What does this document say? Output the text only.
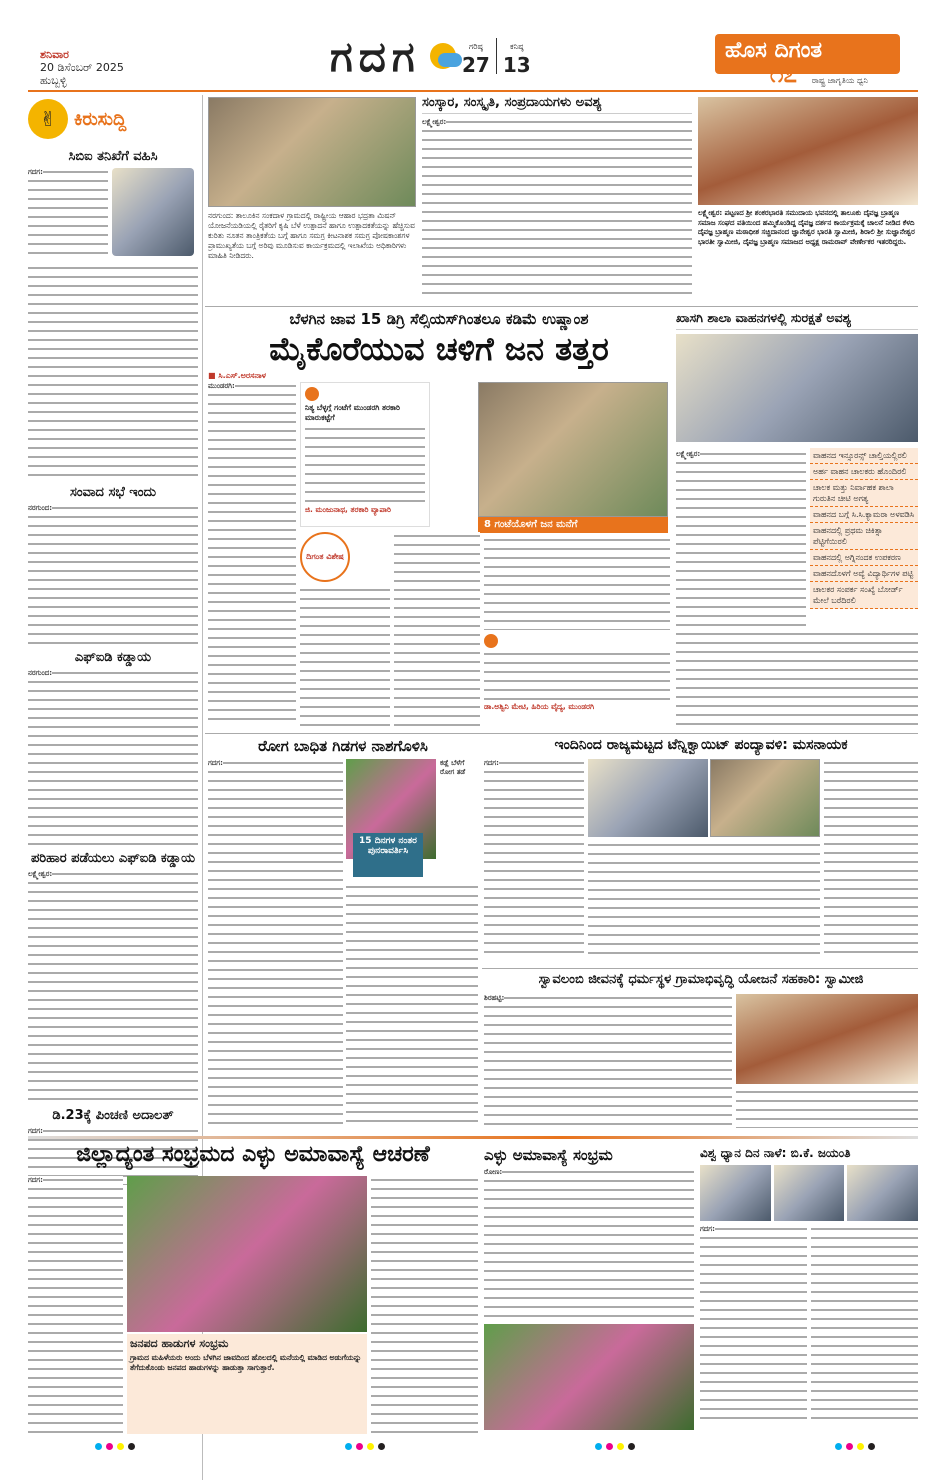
ಶನಿವಾರ
20 ಡಿಸೆಂಬರ್ 2025
ಹುಬ್ಬಳ್ಳಿ	ಗದಗ	ಗರಿಷ್ಠ
27
ಕನಿಷ್ಠ
13
ಹೊಸ ದಿಗಂತ
ರಾಷ್ಟ್ರ ಜಾಗೃತಿಯ ಧ್ವನಿ
೧೭
✌ ಕಿರುಸುದ್ದಿ
ಸಿಬಿಐ ತನಿಖೆಗೆ ವಹಿಸಿ
ಗದಗ:
ಸಂವಾದ ಸಭೆ ಇಂದು
ನರಗುಂದ:
ಎಫ್‌ಐಡಿ ಕಡ್ಡಾಯ
ನರಗುಂದ:
ಪರಿಹಾರ ಪಡೆಯಲು ಎಫ್‌ಐಡಿ ಕಡ್ಡಾಯ
ಲಕ್ಷ್ಮೇಶ್ವರ:
ಡಿ.23ಕ್ಕೆ ಪಿಂಚಣಿ ಅದಾಲತ್
ಗದಗ:
ನರಗುಂದ: ತಾಲೂಕಿನ ಸಂಕದಾಳ ಗ್ರಾಮದಲ್ಲಿ ರಾಷ್ಟ್ರೀಯ ಆಹಾರ ಭದ್ರತಾ ಮಿಷನ್ ಯೋಜನೆಯಡಿಯಲ್ಲಿ ರೈತರಿಗೆ ಕೃಷಿ ಬೆಳೆ ಉತ್ಪಾದನೆ ಹಾಗೂ ಉತ್ಪಾದಕತೆಯನ್ನು ಹೆಚ್ಚಿಸುವ ಕುರಿತು ನೂತನ ತಾಂತ್ರಿಕತೆಯ ಬಗ್ಗೆ ಹಾಗೂ ಸಮಗ್ರ ಕೀಟನಾಶಕ ಸಮಗ್ರ ಪೋಷಕಾಂಶಗಳ ಪ್ರಾಮುಖ್ಯತೆಯ ಬಗ್ಗೆ ಅರಿವು ಮೂಡಿಸುವ ಕಾರ್ಯಕ್ರಮದಲ್ಲಿ ಇಲಾಖೆಯ ಅಧಿಕಾರಿಗಳು ಮಾಹಿತಿ ನೀಡಿದರು.
ಸಂಸ್ಕಾರ, ಸಂಸ್ಕೃತಿ, ಸಂಪ್ರದಾಯಗಳು ಅವಶ್ಯ
ಲಕ್ಷ್ಮೇಶ್ವರ:
ಲಕ್ಷ್ಮೇಶ್ವರ: ಪಟ್ಟಣದ ಶ್ರೀ ಶಂಕರಭಾರತಿ ಸಮುದಾಯ ಭವನದಲ್ಲಿ ತಾಲೂಕು ದೈವಜ್ಞ ಬ್ರಾಹ್ಮಣ ಸಮಾಜ ಸಂಘದ ವತಿಯಿಂದ ಹಮ್ಮಿಕೊಂಡಿದ್ದ ದೈವಜ್ಞ ದರ್ಶನ ಕಾರ್ಯಕ್ರಮಕ್ಕೆ ಚಾಲನೆ ನೀಡಿದ ಕೆಳದಿ ದೈವಜ್ಞ ಬ್ರಾಹ್ಮಣ ಮಠಾಧೀಶ ಸಚ್ಚಿದಾನಂದ ಜ್ಞಾನೇಶ್ವರ ಭಾರತಿ ಸ್ವಾಮೀಜಿ, ಶಿರಾಲಿ ಶ್ರೀ ಸುಜ್ಞಾನೇಶ್ವರ ಭಾರತೀ ಸ್ವಾಮೀಜಿ, ದೈವಜ್ಞ ಬ್ರಾಹ್ಮಣ ಸಮಾಜದ ಅಧ್ಯಕ್ಷ ರಾಮರಾವ್ ವೇರ್ಣೇಕರ ಇತರರಿದ್ದರು.
ಬೆಳಗಿನ ಜಾವ 15 ಡಿಗ್ರಿ ಸೆಲ್ಸಿಯಸ್‌ಗಿಂತಲೂ ಕಡಿಮೆ ಉಷ್ಣಾಂಶ
ಮೈಕೊರೆಯುವ ಚಳಿಗೆ ಜನ ತತ್ತರ
■ ಸಿ.ಎಸ್.ಅರಸನಾಳ
ಮುಂಡರಗಿ:
ನಿತ್ಯ ಬೆಳ್ಳಗ್ಗೆ ಗಂಟೆಗೆ ಮುಂಡರಗಿ ತರಕಾರಿ ಮಾರುಕಟ್ಟೆಗೆ
ಜಿ. ಮಂಜುನಾಥ, ತರಕಾರಿ ವ್ಯಾಪಾರಿ
8 ಗಂಟೆಯೊಳಗೆ ಜನ ಮನೆಗೆ
ದಿಗಂತ ವಿಶೇಷ
ಡಾ.ಅಶ್ವಿನಿ ಮೇಟಿ, ಹಿರಿಯ ವೈದ್ಯ, ಮುಂಡರಗಿ
ಖಾಸಗಿ ಶಾಲಾ ವಾಹನಗಳಲ್ಲಿ ಸುರಕ್ಷತೆ ಅವಶ್ಯ
ಲಕ್ಷ್ಮೇಶ್ವರ:	ವಾಹನದ ಇನ್ಸೂರನ್ಸ್ ಚಾಲ್ತಿಯಲ್ಲಿರಲಿ
ಅರ್ಹ ವಾಹನ ಚಾಲಕರು ಹೊಂದಿರಲಿ
ಚಾಲಕ ಮತ್ತು ನಿರ್ವಾಹಕ ಶಾಲಾ ಗುರುತಿನ ಚೀಟಿ ಅಗತ್ಯ
ವಾಹನದ ಬಗ್ಗೆ ಸಿ.ಸಿ.ಕ್ಯಾಮರಾ ಅಳವಡಿಸಿ
ವಾಹನದಲ್ಲಿ ಪ್ರಥಮ ಚಿಕಿತ್ಸಾ ಪೆಟ್ಟಿಗೆಯಿರಲಿ
ವಾಹನದಲ್ಲಿ ಅಗ್ನಿನಂದಕ ಉಪಕರಣ
ವಾಹನದೊಳಗೆ ಅವ್ಯೆ ವಿದ್ಯಾರ್ಥಿಗಳ ಪಟ್ಟಿ
ಚಾಲಕರ ಸಂಪರ್ಕ ಸಂಖ್ಯೆ ಬೋರ್ಡ್ ಮೇಲೆ ಬರೆದಿರಲಿ
ರೋಗ ಬಾಧಿತ ಗಿಡಗಳ ನಾಶಗೊಳಿಸಿ
ಗದಗ:	ಕಡ್ಲೆ ಬೆಳೆಗೆ ರೋಗ ತಡೆ
15 ದಿನಗಳ ನಂತರ ಪುನರಾವರ್ತಿಸಿ
ಇಂದಿನಿಂದ ರಾಜ್ಯಮಟ್ಟದ ಟೆನ್ನಿಕ್ವಾಯಿಟ್ ಪಂದ್ಯಾವಳಿ: ಮಸನಾಯಕ
ಗದಗ:
ಸ್ವಾವಲಂಬಿ ಜೀವನಕ್ಕೆ ಧರ್ಮಸ್ಥಳ ಗ್ರಾಮಾಭಿವೃದ್ಧಿ ಯೋಜನೆ ಸಹಕಾರಿ: ಸ್ವಾಮೀಜಿ
ಶಿರಹಟ್ಟಿ:
ಜಿಲ್ಲಾದ್ಯಂತ ಸಂಭ್ರಮದ ಎಳ್ಳು ಅಮಾವಾಸ್ಯೆ ಆಚರಣೆ
ಗದಗ:
ಜನಪದ ಹಾಡುಗಳ ಸಂಭ್ರಮ
ಗ್ರಾಮದ ಮಹಿಳೆಯರು ಅಂದು ಬೆಳಗಿನ ಜಾವದಿಂದ ಹೊಲದಲ್ಲಿ ಮನೆಯಲ್ಲಿ ಮಾಡಿದ ಅಡುಗೆಯನ್ನು ತೆಗೆದುಕೊಂಡು ಜನಪದ ಹಾಡುಗಳನ್ನು ಹಾಡುತ್ತಾ ಸಾಗುತ್ತಾರೆ.
ಎಳ್ಳು ಅಮಾವಾಸ್ಯೆ ಸಂಭ್ರಮ
ರೋಣ:
ವಿಶ್ವ ಧ್ಯಾನ ದಿನ ನಾಳೆ: ಬಿ.ಕೆ. ಜಯಂತಿ
ಗದಗ:
